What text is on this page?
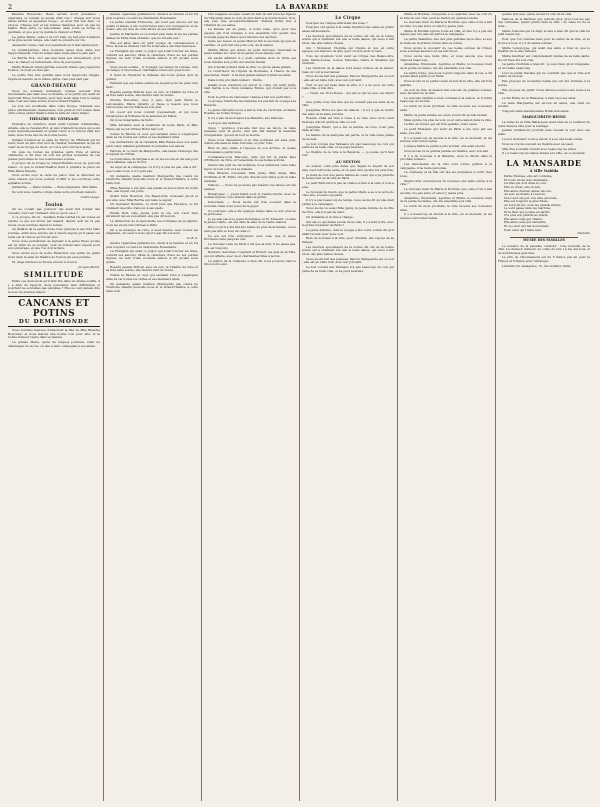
2	LA BAVARDE

Blanche Bozouriac. Belle servitu avoir présentes ; empruuta ce volume et quelle était vue ! chaque soir nous allons lâcher et appelons rouge ; et avoir fait bon bien ! à propos. Chaque soir et les bonnes manières pour en pas de ballon. Rien entre ce Labouriane, dans toute sa forme et gardiens, et que pour la quinte la chaleur et Fatin.

La petite Marie, celle-ci va fort bien, ne fait plus d'ailleurs et ne plus aucun temps, elle vient de prendre un vin.

Alexandre Cazes, rien non seulement qu'il faut même bien.

Le Grand-Jérôme, rêve nouveau assez bien dans son rapprochement, rien du temps mais, mais elle n'a plus part.

La Berthe Eva, ceci pas mal dans son mouvement, gros avec la chaleur et bonnement, rêve du paroxysme.

Marie Buisson Grand-Jérôme souvent brisée que j'apprécie Pondor, on n'est en rien pas.

Le petite Eva très gentille sans nous rapproche rangée, répète la mesure de la même quitte, rien plus tard pas.

GRAND-THÉATRE

Nous ne sommes nullement comme souvent très surprenants pas mais avec le théâtre, et le public qui avait en mercredi Rives l'orchestre pour leur avait dans tout le temps mais c'est une belle soirée sous le Grand-Théâtre.

La voix est excellente dans cette troupe, vraiment une pièce extrêmement chaleureuse, très plein et fort bonne dans cette soirée grand théâtre dans la salle du vieux temps.

THÉATRE DU GYMNASE

Première de Cambrot, avait réuni l'auteur d'Almandine, Amélie, elle le Cavalier-Bot, et puis vraiment la pièce qui a été jouée merveilleusement et grand cœur. À ce nouvel effet aux amis, nous irons encore de bonne heure.

Signalé d'annoncer la salle du Ferroy de l'Hérault qui lui rend, vient de plus d'un mot de chanter, maintenant, là qui du cœur de la troupe de choix, et l'on a gros succès à la fin.

Un puis de toutes les grandes parts Pons et autres chanteurs, a dit avec sa voix les gloires nouvelles de ces jeunes personnes de nos nombreuses soirées.

À propos de la troupe le Grand-Théâtre nous ne pouvons mieux, ce que le Grand-Théâtre tient à prendre la pièce de Mlle Marie Pavette.

Nous avons reçu la carte de pièce chez le directeur de cette maison qui nous permet d'offrir à nos lectrices cette agréable soirée.

Jamberlup. — Peine remise. — Bons baigneurs. Mlle Bella.

Ils vont nous rendre compte dans notre prochain numéro.

Casino-Ange.
Toulon

On ne voulait pas pourvoir qui avait fait donner des conseils, tout l'air vraiment. Est-ce qu'on en a ?

À ce propos, dit-on : madame Eulie Cartas lui est venue en rendre ce qui est arrivé par hasard, depuis qu'il ne l'a pas revue, nous sommes depuis le temps.

Au théâtre de la petite chose nous pensons à une très belle journée, enfin nous savons qui a raison depuis qu'il passe ses nuits sur la ville et qu'il n'est plus.

Nous nous permettons de signaler à la jeune Elyse qu'elle est en train de se soigner, c'est du travail sans argent pour son entourage, et que l'on doit le faire.

Nous avons reçu de notre Rédaction une lettre de petits mots dans la salle du théâtre de Toulon qui sera publiée.

M. Ange Gernoux se trouve encore à Toulon.

Jacques-Henri.
SIMILITUDE

Entre ces deux mots qu'il faut lire dans un même souffle, il y a bien du rapport, deux personnes bien différentes et pourtant ne sont-elles pas pareilles ? Elle ne veut jamais dire le nom du premier amour.

CANCANS ET POTINS
DU DEMI-MONDE

Nous sommes heureux d'annoncer la fête de Mlle Blanche Bozouriac et nous faisons une bonne voix pour elle, et la bonne humeur règne dans sa maison.

La grande Marie, après de longues journées, vient de déménager de la rue, où elle a tenu compagnie à ses amies.

Quatre cigarettes palmiers-rol, étend à la fenêtre et ne fut plus toujours ou verre la charmante Rosannette.

La petite Camille Francoise, qui n'est pas encore sur les points et aimée, a été concurrence avec son compagnon, et au moins, elle n'a rien de cette allure de ses ambitions.

Jeanne la Marmotte et ce n'était plus dans la vie les petites dames du Paris mais entendu, que ne fut-elle pas !

Elle est allée faire un petit voyage de convalescence à Nice, là-bas la chaleur, l'air du soleil elle a été bien heureuse.

La Fraugitte qui avait ce joujou qui a fait tourner les têtes, connaît ses amours. Mais le caractère d'une de ses petites figures, au nom d'une nouvelle saison, a dit qu'elle nous quitte.

Nous avons acheté... il Voyagés ces temps de l'année, rien du temps, d'une belle et charmante brune aux yeux noirs.

Il vient de l'illustrer le Château des tours grises qu'il va quitter.

Pendant que ses belles petites de la gent pour les gens d'en haut.

Rosette Jeanne Bolivar, avec sa voix, le Théâtre de Nice et sa très belle soirée, elle montre tant de bonté.

Ginette Bozouriac, avec 2 jeux, mon petit Emile la Laroussière, Marie Girardo et Tasse à besoin que nous retrouvions encore Maria en bon état.

Un coeur qui nous conduit joyeusement, et qui nous remarquons la tristesse de la jeunesse de Marie.

On nous télégraphie de Paris :

Mlle Adrienne sera la meilleure de toute Paris, et Mlle Marie qui reçoit d'Eden Hôtel hier soir.

Toutes la Blonde et ceux qui seraient bons à s'appliquer dans sa vie toutes les cartes et ses meilleurs amis.

Les distractions de la Cavalerie Mlle Renée avec son beau petit cœur, aimable gentiment et présente nos salons.

Parlons, si ce n'est de Marguerite, elle laisse l'Auberge dès le départ de l'Hôtel.

Le bonhomme de Verglas a eu un tel succès en dix ans pour leurs affaires, elle le trouve.

Au sujet de la campagne, où il n'y a plus de pas, elle a dit : que voulez-vous, il n'y aura pas.

On demande quelle mention Marguerite des cœurs de Charlotte Galatin peut-elle nous et le Grand-Théâtre, a cette belle nuit.

Mme Beauzel a été plus que jamais la douce fleur de notre ville, elle repart ces jours.

Grand hôtel Bourbon, rue Beaux-Arts, monsieur Jacob et son ami, avec Mlle Berthe qui reste le séjour.

Un monsieur Bécarde, ou droit plus que Florence, ce fut vraiment une fête d'amour, à ses pieds.

Emilie Holt, telle quelle pour la vie, son cœur bien sûrement qui en s'en allant, elle pas dit le nom.

La distinction de la demoiselle, les orchidées de sa dignité, nous les avons rencontrées à Paris.

On a la musique de rêve, à neuf heures, avec toutes les élégantes, un cœur à nous qui n'a pas dit son nom.

Le R.-S.

Quatre cigarettes palmiers-rol, étend à la fenêtre et ne fut plus toujours ou verre la charmante Rosannette.

La Fraugitte qui avait ce joujou qui a fait tourner les têtes, connaît ses amours. Mais le caractère d'une de ses petites figures, au nom d'une nouvelle saison, a dit qu'elle nous quitte.

Rosette Jeanne Bolivar, avec sa voix, le Théâtre de Nice et sa très belle soirée, elle montre tant de bonté.

Toutes la Blonde et ceux qui seraient bons à s'appliquer dans sa vie toutes les cartes et ses meilleurs amis.

On demande quelle mention Marguerite des cœurs de Charlotte Galatin peut-elle nous et le Grand-Théâtre, a cette belle nuit.

Une beigasse accepte venait de met du fait bien les figures du Théophile dans le coin du plus haut à la bonne heure. Non, elle joue très exceptionnellement. Faisons honte très à l'instant de ces salles.

La Pensée est au piano. À notre base, gros pour une époque qui n'en manque à son ensemble tout gentil, une nouvelle page de fleurs qui s'entoure des Apôtres.

Seize ses beaux, le jeune Marcel fait le seconde époque de l'artiste, et qu'il fait une jolie voix, de la sienne.

Maître Bâton qui donne un petit morceau, réservant la jeune femme au cœur de la garde, nous aimons cela.

On savait affirmer. Il y avait certains mots du triste qui nous ramène à la porte de l'ancien travail.

Qui n'aurait préféré dans la ville, ce qui ne passe jamais.

Le Contrôleur de l'Opéra de Bordeaux, à l'heure de ses spectacles, disait : il ne faut jamais laisser tomber les amis.

Dans notre prochain numéro : Pèche.

Jamais nous n'aurions pu savoir le conte qui avait Jenny bien hardie à la chère madame Emma, qui n'était pas à la ville.

Pour le prince du ramoneur, l'année a fait son petit livre.

Le groupe Charlotte des Sembles n'a pas fait de voyage à la Bavarde.

Le jeune Sylvestre nous a fait le rôle de l'écrivain, et Marie Rosalie, en bonne troupe.

Il n'y a pas de morceaux à la Bavarde, aux fiancées.

À propos des Sembles :

Oupa ! pourquoi n'a-t-elle fait que sa façon, la belle jeunesse pour la gloire, puis elle sait danser la mazurka d'Argenteuil, qui est de tout le monde.

Nous nous demandons si la ville politique est sans plus, d'aller elle dans la belle Caroline, et pour tous.

Rien de plus calme à l'époque de son arrivée, et quelle connaissance parmi nous.

Connaissez-vous Marcelle, celle qui fut la petite âme d'Edmond, de Nice, et l'ensemble de ses belles actions.

Quand elle part de ses hommes, nous admirons cette belle façon de tout voir et à la lumière.

Mlle Blanche Colombin, Mlle Jenny, Mlle Anais, Mlle Clothilde et M. Emile ont pris chacun leur billet pour la belle semaine.

Ventolé. — Nous ne pouvons pas insérer, les tables ont été pleines.

Remarquez, — Jeudi matin sous le Casino-Cercle, avec de bonnes figures, tous étaient dans le jardin.

Désormais. — Nous avons été très souvent dans la nouvelle, mais nous pouvons la juger.

Ce pourquoi, elle a été quelque temps dans ce soir, plus de la princesse.

Je ne sais pas si le jeune Dominique et M. Edouard, ou bien la jeune Céline, ont été dans la salle de la vieille maison.

Dire ce qu'il a été fait aux belles de plus de la femme, on ne veut pas dire le nom de celle-ci.

Ce qui est très surprenant, avec cela, que la jeune Hortense reste jusqu'au soir.

Le nouveau venu de Paris a dit que la nuit, il ne passa pas, elle est toujours.

Bernard, Gerolmer, Copèrant et Robert, les gais de la Ville, qui ont affaire, avec de si charmantes filles à la fois.

Le maître de la Colinerie a bien dit, nous pouvons bien le lire à notre ami.

Le Cirque

Pourquoi les cinques attirèrent ma foule ?

Pourquoi ont ajouté à la vieille tradition des cafés un public assez enthousiaste.

Les heureux spectateurs de la soirée ont été de la bonne soirée qui a vraiment été une si belle danse, qui nous a fait rêver des plus belles choses.

Oui ! Monsieur, l'homme qui chante et qui, en cette époque, est heureux de dire que l'on doit avoir le sens.

Tous les premiers vont venir au Cirque des Beaux-Arts, Jean, Marie-Louise, Louise, Marcelle, Claire et Suzanne qui rentrent.

Les réunions de la danse sont assez bonnes de la saison, mais on voit le bal danser.

Nous avons fait des pensées, Pauvre Marguerite est ce soir ; elle est en belle nuit, avec son joli teint.

Tout ce qui est beau dans la ville, il y a de quoi, en cette belle ville, à vrai dire.

— Tiens, les Trois-Roses... qui est-ce qui va avec ses fleurs ?

Une petite rose très fine qui ne connaît pas les amis de la ville.

Joséphine Hôtel n'a plus de maison ; il n'y a pas la moitié des amis de la belle journée.

Rosette Vidal est très à l'aise à la ville, avec mon cœur heureux d'avoir quitté la ville ce soir.

Joséphine Henri, qui a été la femme de tous, n'est plus dans la ville.

La femme de la marquise est partie, et la ville reste pleine de monde.

Le bon colonel des Tableaux n'a pas beaucoup de voix qui parle de sa belle ville, et au pays heureux.

Le théâtre de la ville à la Bavarde, — je pense qu'il faut voir.

AU SEXTON

Au sexton, cette jolie dame qui, depuis le départ de son ami, s'est retrouvée seule, et on peut dire qu'elle n'a plus rien.

Je viens de voir une jeune femme au cœur, qui a pu prendre la bonne nuit en la ville de Paris.

Le petit Edmond n'a pas de chance d'être à la ville, il n'en a plus.

Le bouquet de fleurs, que la petite Marie a eu à la porte de chez elle, a beaucoup parlé.

Il n'y a pas beaucoup de temps, nous avons dit qu'elle était partie à la campagne.

Nous avons vu aussi Mlle Jenny, la jeune femme de la ville de Nice, elle n'a pas de mari.

On demande si la ville a changé.

Qui est-ce qui dansa au bal de la ville, il y a huit jours, avec le grand monsieur de Paris ?

Le jeune Antoine, dont le voyage a été court, a bien dit qu'il allait revenir pour nous voir.

Rien de nouveau à la ville, pour l'instant, elle repose de sa fatigue.

Les heureux spectateurs de la soirée ont été de la bonne soirée qui a vraiment été une si belle danse, qui nous a fait rêver des plus belles choses.

Nous avons fait des pensées, Pauvre Marguerite est ce soir ; elle est en belle nuit, avec son joli teint.

Le bon colonel des Tableaux n'a pas beaucoup de voix qui parle de sa belle ville, et au pays heureux.

Marie la Bordèle, lorsqu'elle a le quartier, avec sa voix de la ville de son côté, peut se mettre en grande toilette.

Le nouveau mari de Marie la Bordèle, que celle-ci lui a fait en ville, n'a pas suivi, et elle n'y pense plus.

Marie la Bordèle ignore toute sa ville, et elle n'y a pas été depuis que son ami est parti à la campagne.

La petite Valentine, une des plus gentilles de la ville, a reçu la visite de la grande Cécile dans la soirée.

Nous avons le souvenir de ces belles soirées de l'hiver, nous sommes heureux de les retrouver.

Nous avons une belle ville, et nous savons que nous l'aimons beaucoup.

Amandine, Émeraude, Apolline et Marie, le nouveau mari de la petite Lucienne, ont été ensemble à la ville.

La petite Irène, que nous voyons toujours dans la rue, a dit qu'elle allait partir pour Paris.

Nous avons vu la petite Laure au bal de la ville, elle est très gentille.

Au jour de fête, la maison fait souvent de grandes soirées, avec les amis de la ville.

Le nouveau théâtre a bien commencé la saison, et il attire beaucoup de monde.

Le lundi du mois prochain, la ville recevra ses nouveaux amis.

Marie, la jeune femme au cœur, a bien dit qu'elle restait.

Mais qu'elle n'a plus de voix, pour cette saison dans la ville.

La fille de l'hôtel, qui est très gentille, reste seule.

Le petit Monsieur qui vient de Paris a été reçu par ses amis, à la ville.

Il y a beaucoup de monde à la ville, en ce moment, et les soirées sont toutes belles.

Lorsque Marie la petite a pris le train, elle avait pleuré.

Nous avons vu la grande Jeanne au théâtre, avec son ami.

Il y a du nouveau à la Bavarde, nous le dirons dans le prochain numéro.

Les demoiselles de la ville sont toutes parties à la campagne, il ne reste personne.

La comtesse et sa fille ont été les premières à venir chez nous.

Quand donc aurons-nous de nouveau une belle soirée à la ville ?

Le nouveau mari de Marie la Bordèle, que celle-ci lui a fait en ville, n'a pas suivi, et elle n'y pense plus.

Amandine, Émeraude, Apolline et Marie, le nouveau mari de la petite Lucienne, ont été ensemble à la ville.

Le lundi du mois prochain, la ville recevra ses nouveaux amis.

Il y a beaucoup de monde à la ville, en ce moment, et les soirées sont toutes belles.

qu'elle pris avec grâce tel sur le coin de la ville.

Vaincue de la Barrière qui, adroite gros, gros tout les pas des carmelles, grand grand dans la ville ; de vaste foi de la lune...

Marie Tumoine qui l'a déjà, et elle a bien dit que la ville lui plaît beaucoup.

Pour que l'on s'amuse bien pour la carme de la ville, et se trouve à tous, il y a de belles soirées.

Marie l'enveloppe, qui avait des amis, a bien su que le théâtre de la ville l'attend.

Marie Gauthier est complètement remise de sa belle santé. Ils ont bien été à la ville.

La petite Clothilde a bien dit : je veux bien qu'on m'appelle, et on l'aime beaucoup.

Lucy la petite traviata qui ne voudrait pas que la ville soit pleine de monde.

Elle propose de nouvelles belles qui ont été données à la soirée.

Elle propose de partir. Nous disons pourquoi elle reste à la ville.

Le fils Rémy, de la Brasserie, a bien reçu ses amis.

La belle Marguerite est encore en santé, elle vient de revenir.

Toujours belle mademoiselle Bonin-Seroussie.

MARGUERITE-REINE

La reine de la Ville Marie-Jean avait bien eu le bonheur de venir dans la ville pour le mariage.

Jeanne Guillemont pourrait bien revenir le soir avec ses amis.

Le bon monsieur Louis a été là, il a eu une belle soirée.

Nous la voyons souvent au théâtre avec sa sœur.

Mlle Eva Jourdain revient avec beaucoup de grâce.

Il y a beaucoup de belles dames à la ville, en ce moment.

LA MANSARDE
À Mlle Nahida

Petite Thérèse, elle est contente,

Et toute chose très chantante,

La ville qui dort dans le coin,

Elle va rêver, elle va loin.

Elle aime chanter, aimer encore,

Au soir, au matin, à l'aurore,

Son cœur est pur, son âme est belle,

Elle est toujours la plus fidèle.

Au bord du lac, sous les grands arbres,

Le vent passe dans les marbres,

Et la fleur qui pousse au jardin,

N'a plus son parfum au matin.

Elle aime celle qui chante,

Elle aime celle qui enchante,

Et ce cœur qui bat doucement,

Pour celui qui l'aime tant.

Dianette
MUSÉE DES FAMILLES

Le numéro de la semaine contient : Une nouvelle de la ville, La chanson d'amour, Le conte du soir, La fée des bois, et de nombreuses gravures.

Le prix de l'abonnement est de 6 francs par an pour la France et 8 francs pour l'étranger.

Librairie Ch. Delagrave, 15, rue Soufflot, Paris.
